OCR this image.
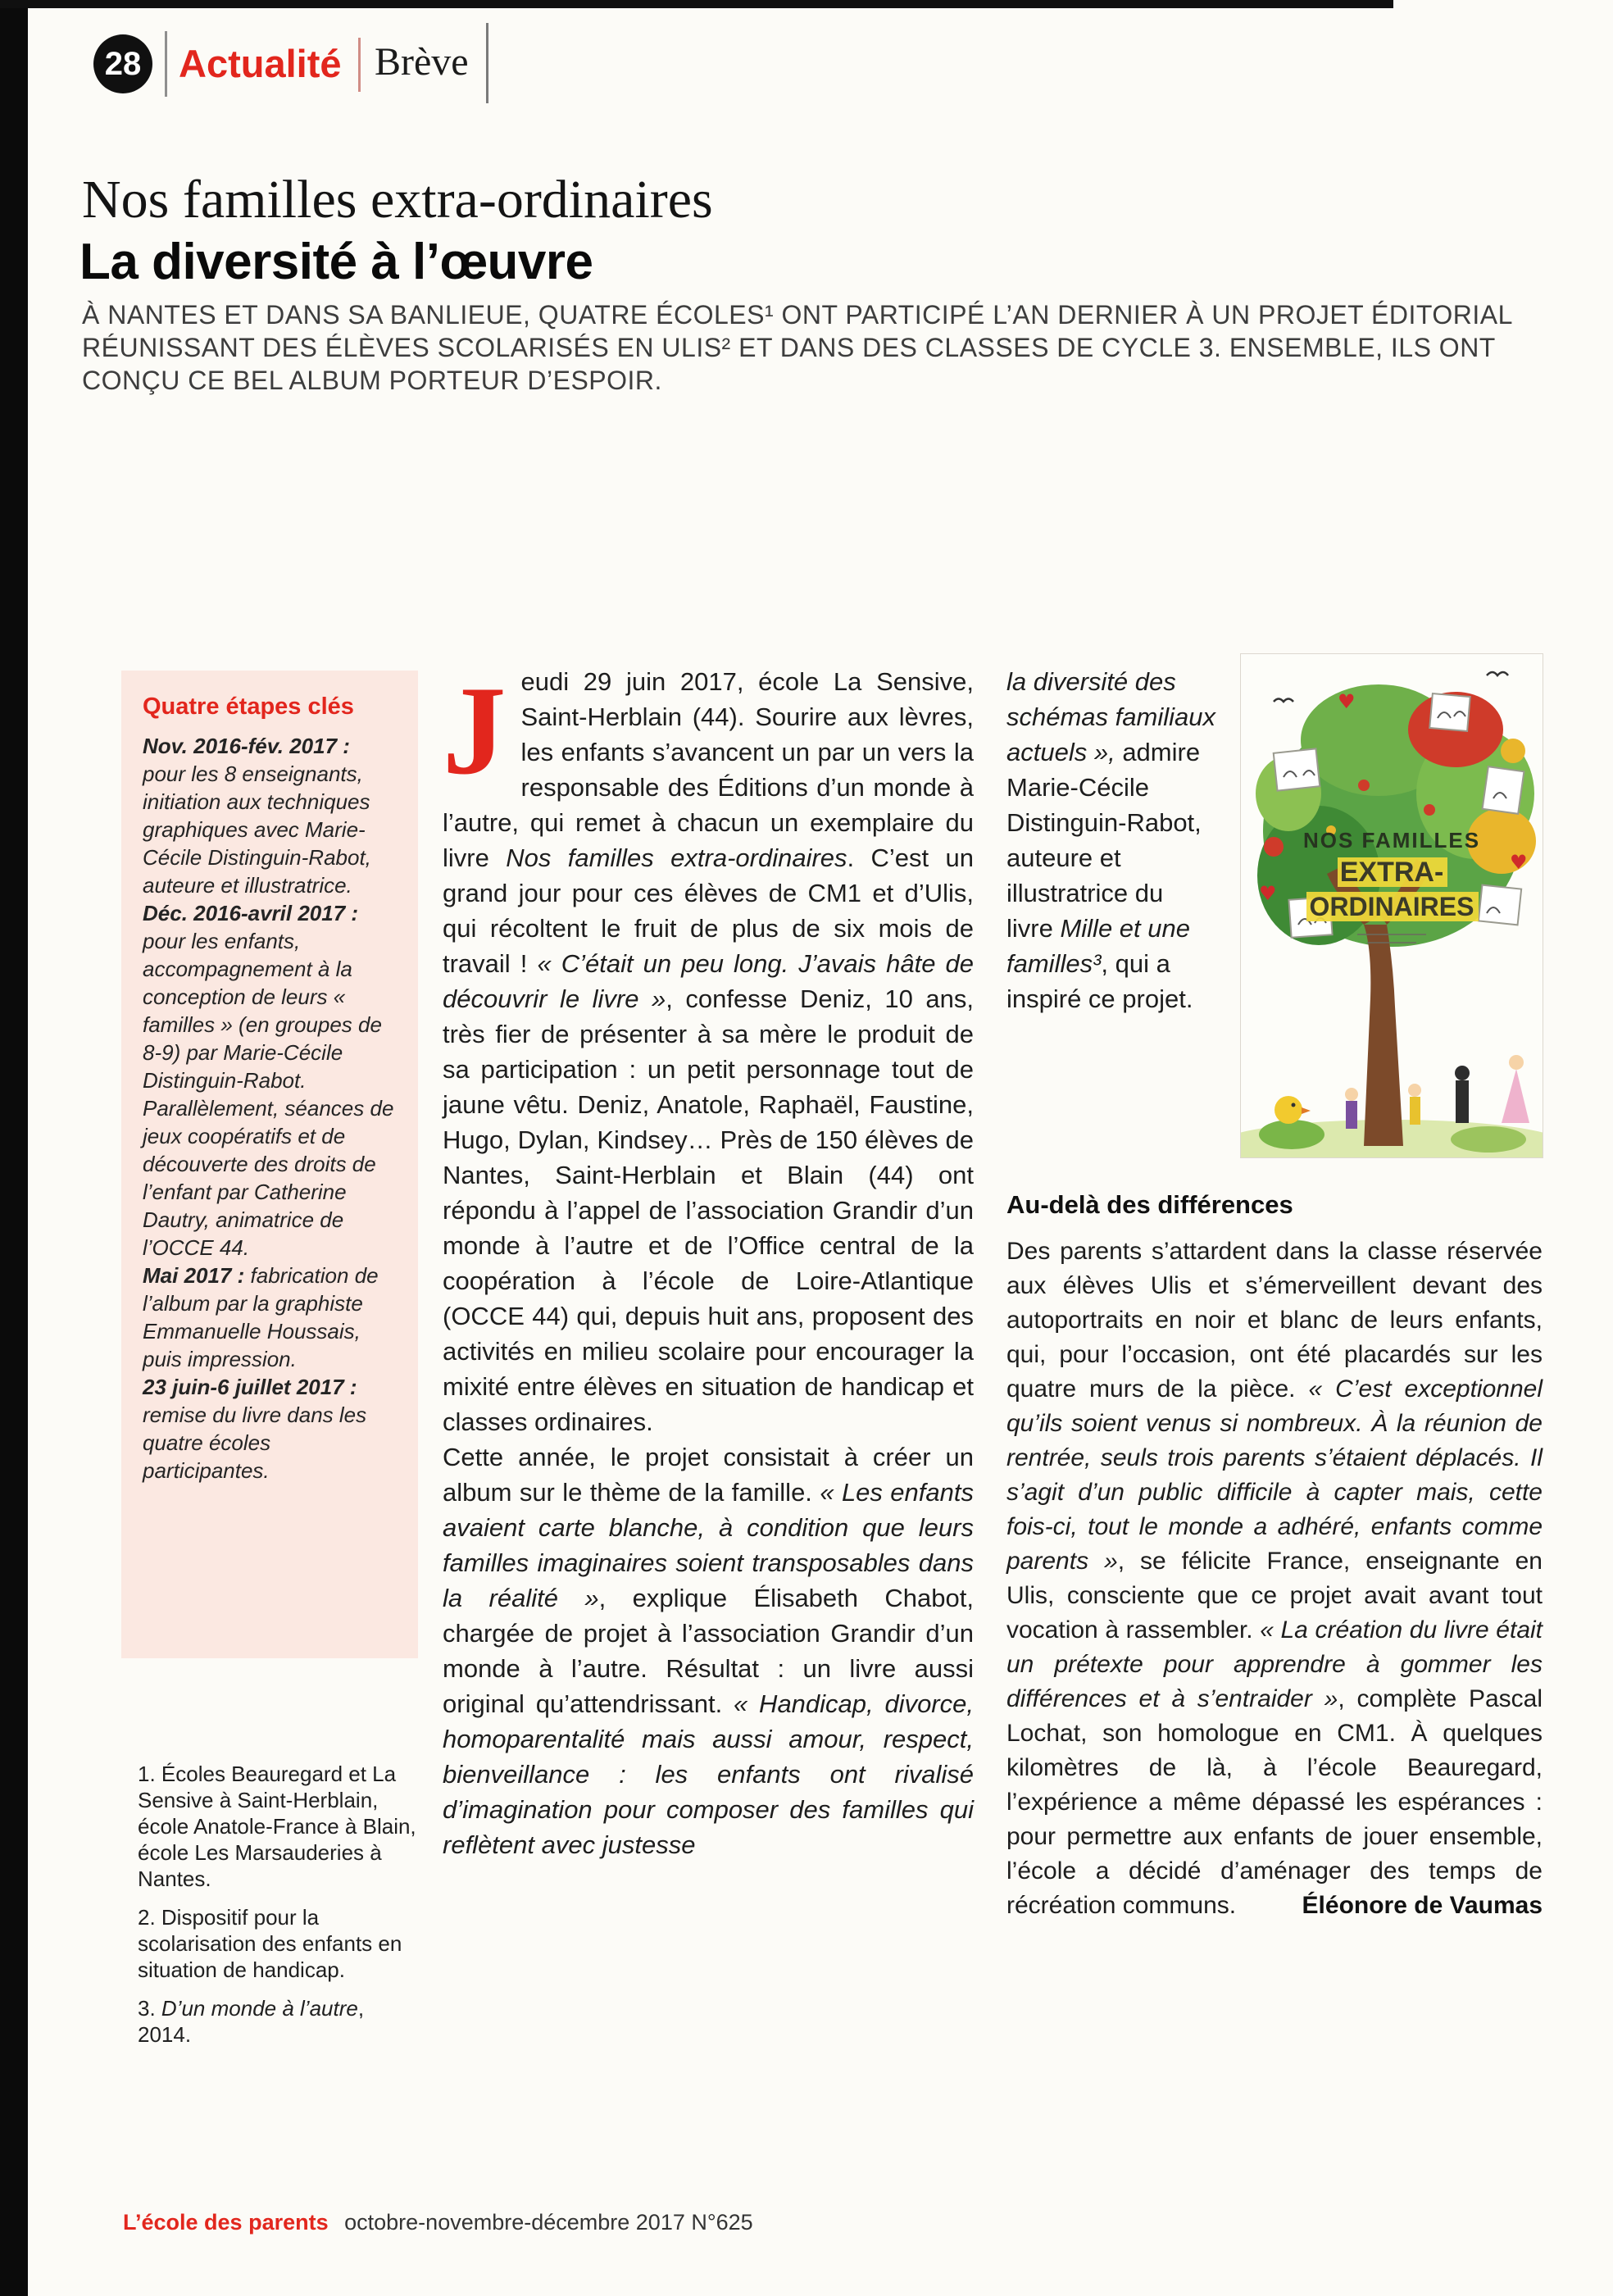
28 Actualité Brève
Nos familles extra-ordinaires
La diversité à l’œuvre
À NANTES ET DANS SA BANLIEUE, QUATRE ÉCOLES¹ ONT PARTICIPÉ L’AN DERNIER À UN PROJET ÉDITORIAL RÉUNISSANT DES ÉLÈVES SCOLARISÉS EN ULIS² ET DANS DES CLASSES DE CYCLE 3. ENSEMBLE, ILS ONT CONÇU CE BEL ALBUM PORTEUR D’ESPOIR.
Quatre étapes clés
Nov. 2016-fév. 2017 : pour les 8 enseignants, initiation aux techniques graphiques avec Marie-Cécile Distinguin-Rabot, auteure et illustratrice.
Déc. 2016-avril 2017 : pour les enfants, accompagnement à la conception de leurs « familles » (en groupes de 8-9) par Marie-Cécile Distinguin-Rabot. Parallèlement, séances de jeux coopératifs et de découverte des droits de l’enfant par Catherine Dautry, animatrice de l’OCCE 44.
Mai 2017 : fabrication de l’album par la graphiste Emmanuelle Houssais, puis impression.
23 juin-6 juillet 2017 : remise du livre dans les quatre écoles participantes.

Jeudi 29 juin 2017, école La Sensive, Saint-Herblain (44). Sourire aux lèvres, les enfants s’avancent un par un vers la responsable des Éditions d’un monde à l’autre, qui remet à chacun un exemplaire du livre Nos familles extra-ordinaires. C’est un grand jour pour ces élèves de CM1 et d’Ulis, qui récoltent le fruit de plus de six mois de travail ! « C’était un peu long. J’avais hâte de découvrir le livre », confesse Deniz, 10 ans, très fier de présenter à sa mère le produit de sa participation : un petit personnage tout de jaune vêtu. Deniz, Anatole, Raphaël, Faustine, Hugo, Dylan, Kindsey… Près de 150 élèves de Nantes, Saint-Herblain et Blain (44) ont répondu à l’appel de l’association Grandir d’un monde à l’autre et de l’Office central de la coopération à l’école de Loire-Atlantique (OCCE 44) qui, depuis huit ans, proposent des activités en milieu scolaire pour encourager la mixité entre élèves en situation de handicap et classes ordinaires.

Cette année, le projet consistait à créer un album sur le thème de la famille. « Les enfants avaient carte blanche, à condition que leurs familles imaginaires soient transposables dans la réalité », explique Élisabeth Chabot, chargée de projet à l’association Grandir d’un monde à l’autre. Résultat : un livre aussi original qu’attendrissant. « Handicap, divorce, homoparentalité mais aussi amour, respect, bienveillance : les enfants ont rivalisé d’imagination pour composer des familles qui reflètent avec justesse

la diversité des schémas familiaux actuels », admire Marie-Cécile Distinguin-Rabot, auteure et illustratrice du livre Mille et une familles³, qui a inspiré ce projet.
♥
♥
♥
NOS FAMILLES
EXTRA-
ORDINAIRES
Au-delà des différences

Des parents s’attardent dans la classe réservée aux élèves Ulis et s’émerveillent devant des autoportraits en noir et blanc de leurs enfants, qui, pour l’occasion, ont été placardés sur les quatre murs de la pièce. « C’est exceptionnel qu’ils soient venus si nombreux. À la réunion de rentrée, seuls trois parents s’étaient déplacés. Il s’agit d’un public difficile à capter mais, cette fois-ci, tout le monde a adhéré, enfants comme parents », se félicite France, enseignante en Ulis, consciente que ce projet avait avant tout vocation à rassembler. « La création du livre était un prétexte pour apprendre à gommer les différences et à s’entraider », complète Pascal Lochat, son homologue en CM1. À quelques kilomètres de là, à l’école Beauregard, l’expérience a même dépassé les espérances : pour permettre aux enfants de jouer ensemble, l’école a décidé d’aménager des temps de récréation communs.	Éléonore de Vaumas
1. Écoles Beauregard et La Sensive à Saint-Herblain, école Anatole-France à Blain, école Les Marsauderies à Nantes.
2. Dispositif pour la scolarisation des enfants en situation de handicap.
3. D’un monde à l’autre, 2014.
L’école des parents octobre-novembre-décembre 2017 N°625
